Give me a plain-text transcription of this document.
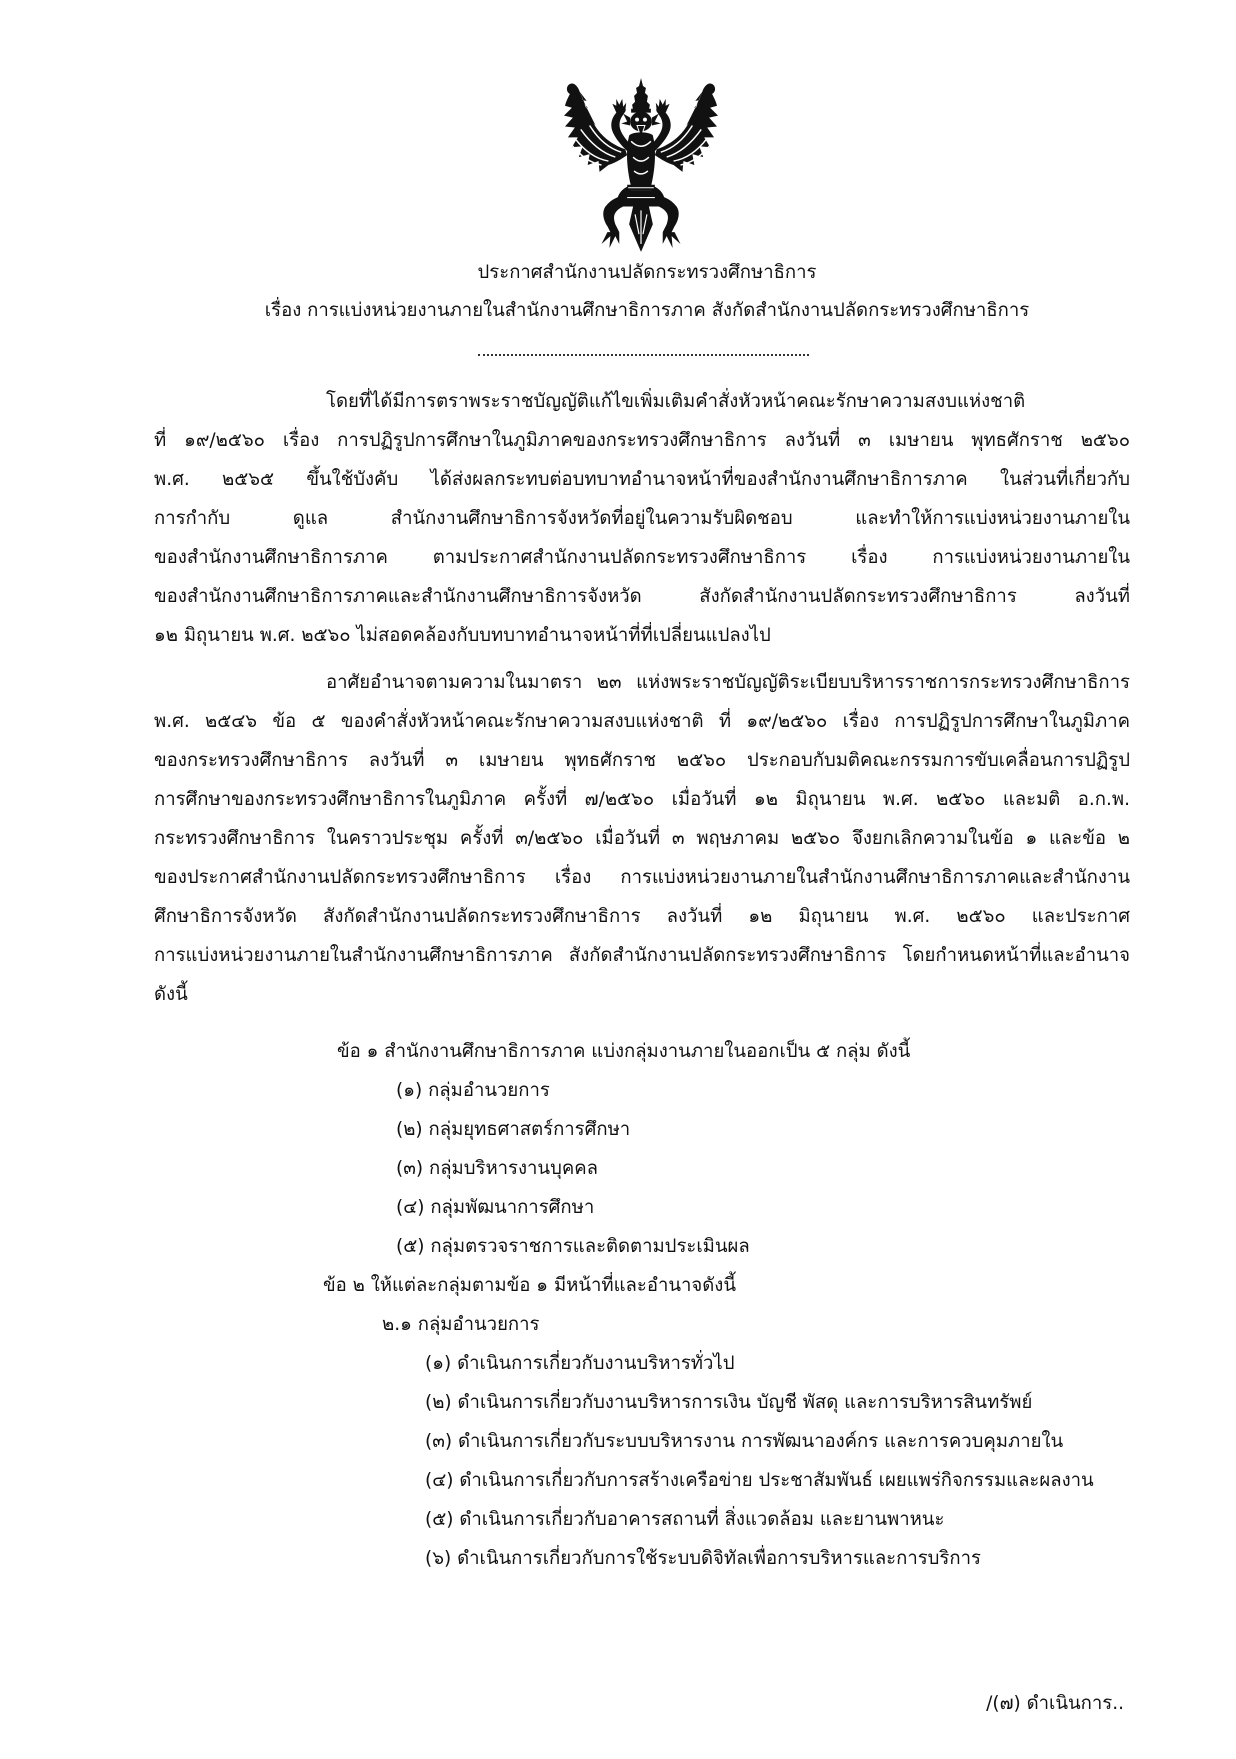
ประกาศสำนักงานปลัดกระทรวงศึกษาธิการ
เรื่อง การแบ่งหน่วยงานภายในสำนักงานศึกษาธิการภาค สังกัดสำนักงานปลัดกระทรวงศึกษาธิการ
โดยที่ได้มีการตราพระราชบัญญัติแก้ไขเพิ่มเติมคำสั่งหัวหน้าคณะรักษาความสงบแห่งชาติ
ที่ ๑๙/๒๕๖๐ เรื่อง การปฏิรูปการศึกษาในภูมิภาคของกระทรวงศึกษาธิการ ลงวันที่ ๓ เมษายน พุทธศักราช ๒๕๖๐
พ.ศ. ๒๕๖๕ ขึ้นใช้บังคับ ได้ส่งผลกระทบต่อบทบาทอำนาจหน้าที่ของสำนักงานศึกษาธิการภาค ในส่วนที่เกี่ยวกับ
การกำกับ ดูแล สำนักงานศึกษาธิการจังหวัดที่อยู่ในความรับผิดชอบ และทำให้การแบ่งหน่วยงานภายใน
ของสำนักงานศึกษาธิการภาค ตามประกาศสำนักงานปลัดกระทรวงศึกษาธิการ เรื่อง การแบ่งหน่วยงานภายใน
ของสำนักงานศึกษาธิการภาคและสำนักงานศึกษาธิการจังหวัด สังกัดสำนักงานปลัดกระทรวงศึกษาธิการ ลงวันที่
๑๒ มิถุนายน พ.ศ. ๒๕๖๐ ไม่สอดคล้องกับบทบาทอำนาจหน้าที่ที่เปลี่ยนแปลงไป
อาศัยอำนาจตามความในมาตรา ๒๓ แห่งพระราชบัญญัติระเบียบบริหารราชการกระทรวงศึกษาธิการ
พ.ศ. ๒๕๔๖ ข้อ ๕ ของคำสั่งหัวหน้าคณะรักษาความสงบแห่งชาติ ที่ ๑๙/๒๕๖๐ เรื่อง การปฏิรูปการศึกษาในภูมิภาค
ของกระทรวงศึกษาธิการ ลงวันที่ ๓ เมษายน พุทธศักราช ๒๕๖๐ ประกอบกับมติคณะกรรมการขับเคลื่อนการปฏิรูป
การศึกษาของกระทรวงศึกษาธิการในภูมิภาค ครั้งที่ ๗/๒๕๖๐ เมื่อวันที่ ๑๒ มิถุนายน พ.ศ. ๒๕๖๐ และมติ อ.ก.พ.
กระทรวงศึกษาธิการ ในคราวประชุม ครั้งที่ ๓/๒๕๖๐ เมื่อวันที่ ๓ พฤษภาคม ๒๕๖๐ จึงยกเลิกความในข้อ ๑ และข้อ ๒
ของประกาศสำนักงานปลัดกระทรวงศึกษาธิการ เรื่อง การแบ่งหน่วยงานภายในสำนักงานศึกษาธิการภาคและสำนักงาน
ศึกษาธิการจังหวัด สังกัดสำนักงานปลัดกระทรวงศึกษาธิการ ลงวันที่ ๑๒ มิถุนายน พ.ศ. ๒๕๖๐ และประกาศ
การแบ่งหน่วยงานภายในสำนักงานศึกษาธิการภาค สังกัดสำนักงานปลัดกระทรวงศึกษาธิการ โดยกำหนดหน้าที่และอำนาจ
ดังนี้
ข้อ ๑ สำนักงานศึกษาธิการภาค แบ่งกลุ่มงานภายในออกเป็น ๕ กลุ่ม ดังนี้
(๑) กลุ่มอำนวยการ
(๒) กลุ่มยุทธศาสตร์การศึกษา
(๓) กลุ่มบริหารงานบุคคล
(๔) กลุ่มพัฒนาการศึกษา
(๕) กลุ่มตรวจราชการและติดตามประเมินผล
ข้อ ๒ ให้แต่ละกลุ่มตามข้อ ๑ มีหน้าที่และอำนาจดังนี้
๒.๑ กลุ่มอำนวยการ
(๑) ดำเนินการเกี่ยวกับงานบริหารทั่วไป
(๒) ดำเนินการเกี่ยวกับงานบริหารการเงิน บัญชี พัสดุ และการบริหารสินทรัพย์
(๓) ดำเนินการเกี่ยวกับระบบบริหารงาน การพัฒนาองค์กร และการควบคุมภายใน
(๔) ดำเนินการเกี่ยวกับการสร้างเครือข่าย ประชาสัมพันธ์ เผยแพร่กิจกรรมและผลงาน
(๕) ดำเนินการเกี่ยวกับอาคารสถานที่ สิ่งแวดล้อม และยานพาหนะ
(๖) ดำเนินการเกี่ยวกับการใช้ระบบดิจิทัลเพื่อการบริหารและการบริการ
/(๗) ดำเนินการ..
